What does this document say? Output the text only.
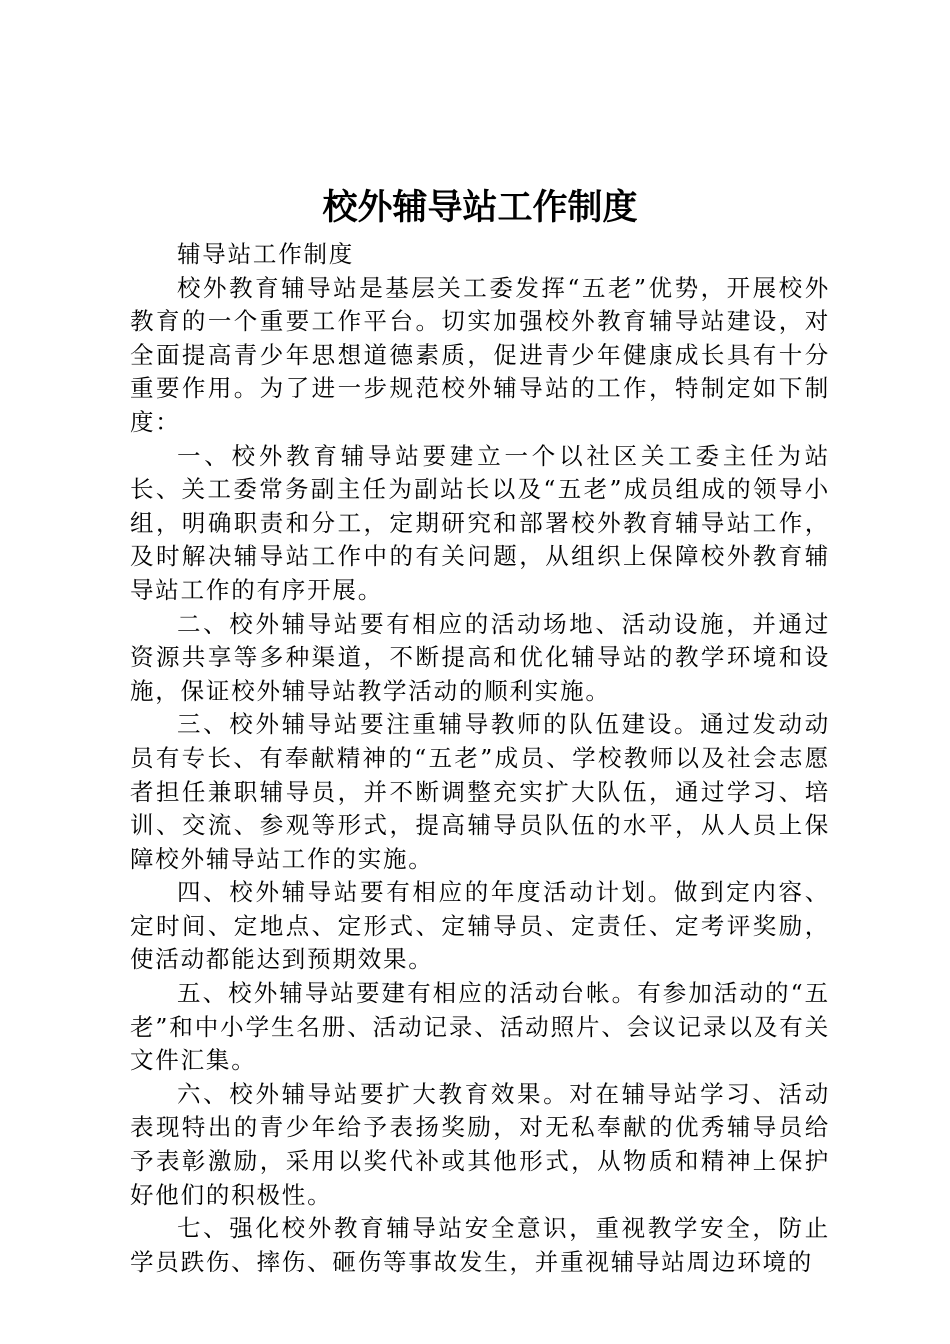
校外辅导站工作制度

辅导站工作制度

校外教育辅导站是基层关工委发挥“五老”优势，开展校外教育的一个重要工作平台。切实加强校外教育辅导站建设，对全面提高青少年思想道德素质，促进青少年健康成长具有十分重要作用。为了进一步规范校外辅导站的工作，特制定如下制度：

一、校外教育辅导站要建立一个以社区关工委主任为站长、关工委常务副主任为副站长以及“五老”成员组成的领导小组，明确职责和分工，定期研究和部署校外教育辅导站工作，及时解决辅导站工作中的有关问题，从组织上保障校外教育辅导站工作的有序开展。

二、校外辅导站要有相应的活动场地、活动设施，并通过资源共享等多种渠道，不断提高和优化辅导站的教学环境和设施，保证校外辅导站教学活动的顺利实施。

三、校外辅导站要注重辅导教师的队伍建设。通过发动动员有专长、有奉献精神的“五老”成员、学校教师以及社会志愿者担任兼职辅导员，并不断调整充实扩大队伍，通过学习、培训、交流、参观等形式，提高辅导员队伍的水平，从人员上保障校外辅导站工作的实施。

四、校外辅导站要有相应的年度活动计划。做到定内容、定时间、定地点、定形式、定辅导员、定责任、定考评奖励，使活动都能达到预期效果。

五、校外辅导站要建有相应的活动台帐。有参加活动的“五老”和中小学生名册、活动记录、活动照片、会议记录以及有关文件汇集。

六、校外辅导站要扩大教育效果。对在辅导站学习、活动表现特出的青少年给予表扬奖励，对无私奉献的优秀辅导员给予表彰激励，采用以奖代补或其他形式，从物质和精神上保护好他们的积极性。

七、强化校外教育辅导站安全意识，重视教学安全，防止学员跌伤、摔伤、砸伤等事故发生，并重视辅导站周边环境的
